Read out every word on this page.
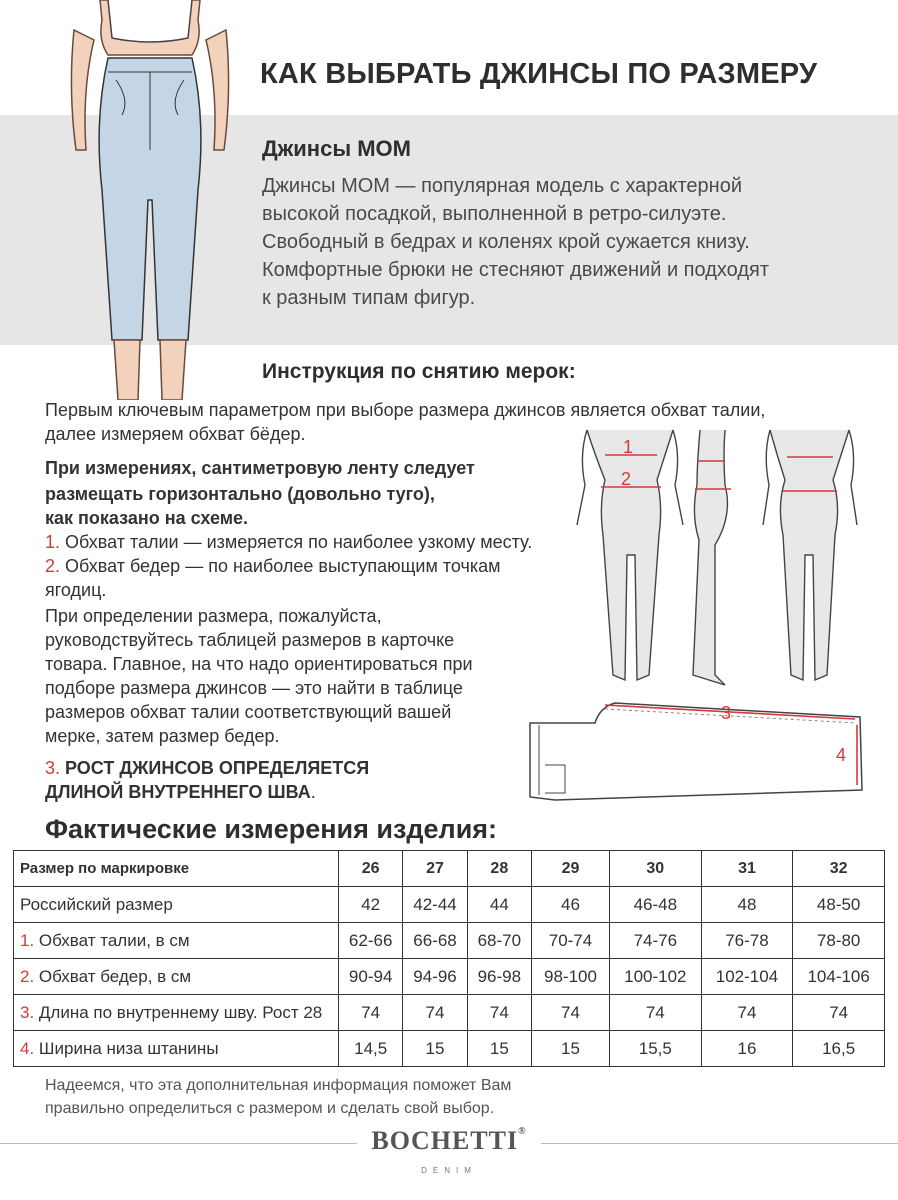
КАК ВЫБРАТЬ ДЖИНСЫ ПО РАЗМЕРУ
Джинсы МОМ
Джинсы МОМ — популярная модель с характерной
высокой посадкой, выполненной в ретро-силуэте.
Свободный в бедрах и коленях крой сужается книзу.
Комфортные брюки не стесняют движений и подходят
к разным типам фигур.
Инструкция по снятию мерок:
Первым ключевым параметром при выборе размера джинсов является обхват талии,
далее измеряем обхват бёдер.
При измерениях, сантиметровую ленту следует
размещать горизонтально (довольно туго),
как показано на схеме.
1. Обхват талии — измеряется по наиболее узкому месту.
2. Обхват бедер — по наиболее выступающим точкам
ягодиц.
При определении размера, пожалуйста,
руководствуйтесь таблицей размеров в карточке
товара. Главное, на что надо ориентироваться при
подборе размера джинсов — это найти в таблице
размеров обхват талии соответствующий вашей
мерке, затем размер бедер.
3. РОСТ ДЖИНСОВ ОПРЕДЕЛЯЕТСЯ
ДЛИНОЙ ВНУТРЕННЕГО ШВА.
1
2
3
4
Фактические измерения изделия:
Размер по маркировке	26	27	28	29	30	31	32
Российский размер	42	42-44	44	46	46-48	48	48-50
1. Обхват талии, в см	62-66	66-68	68-70	70-74	74-76	76-78	78-80
2. Обхват бедер, в см	90-94	94-96	96-98	98-100	100-102	102-104	104-106
3. Длина по внутреннему шву. Рост 28	74	74	74	74	74	74	74
4. Ширина низа штанины	14,5	15	15	15	15,5	16	16,5
Надеемся, что эта дополнительная информация поможет Вам
правильно определиться с размером и сделать свой выбор.
BOCHETTI®
DENIM
